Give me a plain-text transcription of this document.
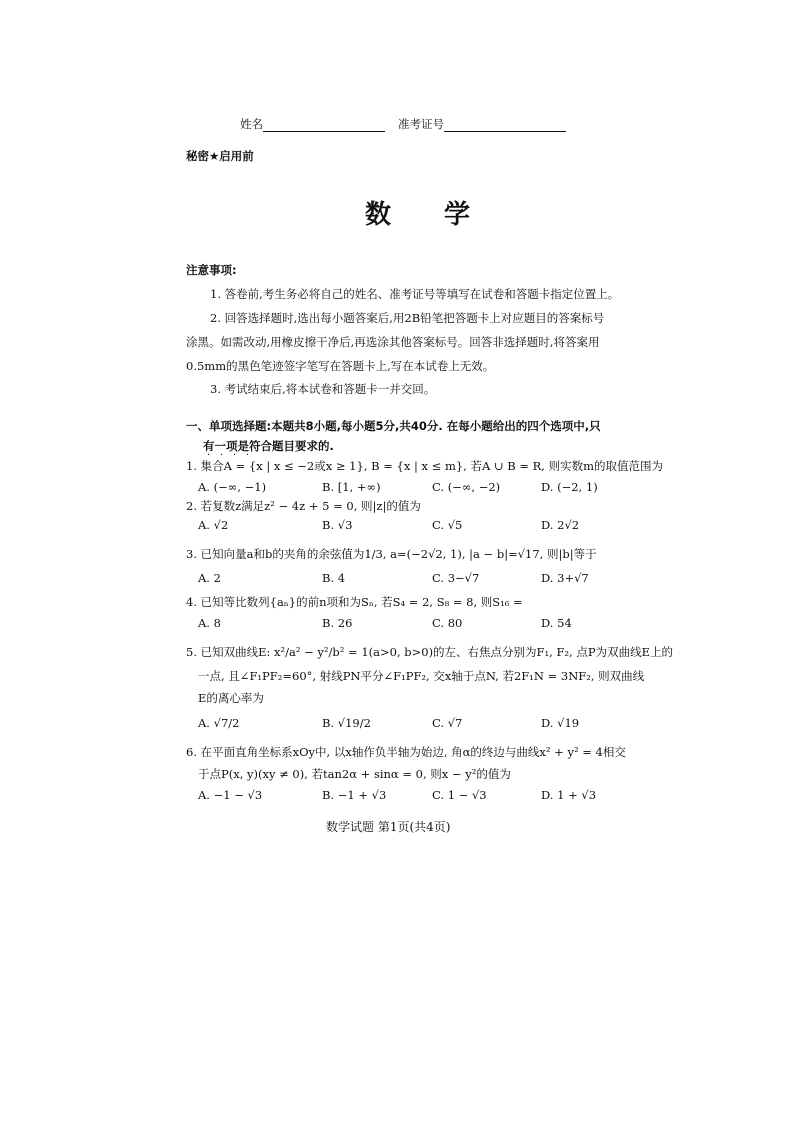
姓名	准考证号
秘密★启用前
数 学
注意事项:
1. 答卷前,考生务必将自己的姓名、准考证号等填写在试卷和答题卡指定位置上。
2. 回答选择题时,选出每小题答案后,用2B铅笔把答题卡上对应题目的答案标号
涂黑。如需改动,用橡皮擦干净后,再选涂其他答案标号。回答非选择题时,将答案用
0.5mm的黑色笔迹签字笔写在答题卡上,写在本试卷上无效。
3. 考试结束后,将本试卷和答题卡一并交回。
一、单项选择题:本题共8小题,每小题5分,共40分. 在每小题给出的四个选项中,只
有一项是符合题目要求的.
· · · ·
1. 集合A = {x | x ≤ −2或x ≥ 1}, B = {x | x ≤ m}, 若A ∪ B = R, 则实数m的取值范围为
A. (−∞, −1)	B. [1, +∞)	C. (−∞, −2)	D. (−2, 1)
2. 若复数z满足z² − 4z + 5 = 0, 则|z|的值为
A. √2	B. √3	C. √5	D. 2√2
3. 已知向量a和b的夹角的余弦值为1/3, a=(−2√2, 1), |a − b|=√17, 则|b|等于
A. 2	B. 4	C. 3−√7	D. 3+√7
4. 已知等比数列{aₙ}的前n项和为Sₙ, 若S₄ = 2, S₈ = 8, 则S₁₆ =
A. 8	B. 26	C. 80	D. 54
5. 已知双曲线E: x²/a² − y²/b² = 1(a>0, b>0)的左、右焦点分别为F₁, F₂, 点P为双曲线E上的
一点, 且∠F₁PF₂=60°, 射线PN平分∠F₁PF₂, 交x轴于点N, 若2F₁N = 3NF₂, 则双曲线
E的离心率为
A. √7/2	B. √19/2	C. √7	D. √19
6. 在平面直角坐标系xOy中, 以x轴作负半轴为始边, 角α的终边与曲线x² + y² = 4相交
于点P(x, y)(xy ≠ 0), 若tan2α + sinα = 0, 则x − y²的值为
A. −1 − √3	B. −1 + √3	C. 1 − √3	D. 1 + √3
数学试题 第1页(共4页)
